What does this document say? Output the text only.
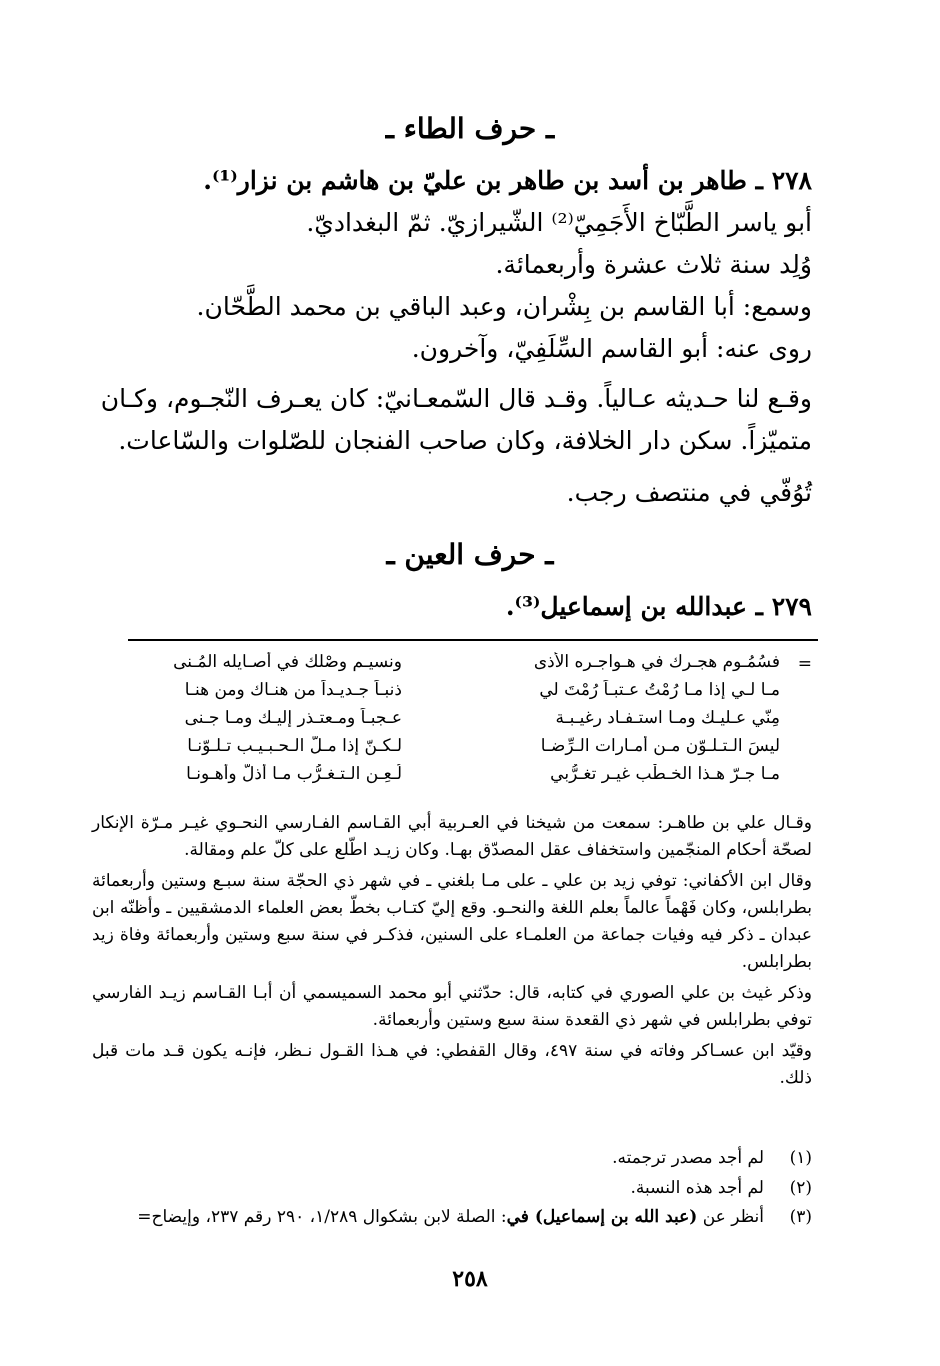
ـ حرف الطاء ـ
٢٧٨ ـ طاهر بن أسد بن طاهر بن عليّ بن هاشم بن نزار⁽¹⁾.
أبو ياسر الطَّبّاخ الأَجَمِيّ⁽²⁾ الشّيرازيّ. ثمّ البغداديّ.
وُلِد سنة ثلاث عشرة وأربعمائة.
وسمع: أبا القاسم بن بِشْران، وعبد الباقي بن محمد الطَّحّان.
روى عنه: أبو القاسم السِّلَفِيّ، وآخرون.
وقـع لنا حـديثه عـالياً. وقـد قال السّمعـانيّ: كان يعـرف النّجـوم، وكـان
متميّزاً. سكن دار الخلافة، وكان صاحب الفنجان للصّلوات والسّاعات.
تُوُفّي في منتصف رجب.
ـ حرف العين ـ
٢٧٩ ـ عبدالله بن إسماعيل⁽³⁾.
=
فسُمُـوم هجـرك في هـواجـره الأذى
ونسيـم وصْلك في أصـايله المُـنى
مـا لـي إذا مـا رُمْتُ عـتبـاً رُمْتَ لي
ذنبـاً جـديـداً من هنـاك ومن هنـا
مِنّي عـليـك ومـا استـفـاد رغيـبـة
عـجبـاً ومـعتـذر إليـك ومـا جـنى
ليسَ الـتـلـوّن مـن أمـارات الـرِّضـا
لـكـنّ إذا مـلّ الـحـبـيـب تـلـوّنـا
مـا جـرّ هـذا الخـطْب غيـر تغـرُّبي
لُـعِـن الـتـغـرُّب مـا أذلّ وأهـونـا

وقـال علي بن طاهـر: سمعت من شيخنا في العـربية أبي القـاسم الفـارسي النحـوي غيـر مـرّة الإنكار لصحّة أحكام المنجّمين واستخفاف عقل المصدّق بهـا. وكان زيـد اطّلع على كلّ علم ومقالة.

وقال ابن الأكفاني: توفي زيد بن علي ـ على مـا بلغني ـ في شهر ذي الحجّة سنة سبـع وستين وأربعمائة بطرابلس، وكان فَهْماً عالماً بعلم اللغة والنحـو. وقع إليّ كتـاب بخطّ بعض العلماء الدمشقيين ـ وأظنّه ابن عبدان ـ ذكر فيه وفيات جماعة من العلمـاء على السنين، فذكـر في سنة سبع وستين وأربعمائة وفاة زيد بطرابلس.

وذكر غيث بن علي الصوري في كتابه، قال: حدّثني أبو محمد السميسمي أن أبـا القـاسم زيـد الفارسي توفي بطرابلس في شهر ذي القعدة سنة سبع وستين وأربعمائة.

وقيّد ابن عسـاكر وفاته في سنة ٤٩٧، وقال القفطي: في هـذا القـول نـظر، فإنـه يكون قـد مات قبل ذلك.

(١)لم أجد مصدر ترجمته.
(٢)لم أجد هذه النسبة.
(٣)أنظر عن (عبد الله بن إسماعيل) في: الصلة لابن بشكوال ١/٢٨٩، ٢٩٠ رقم ٢٣٧، وإيضاح=
٢٥٨
